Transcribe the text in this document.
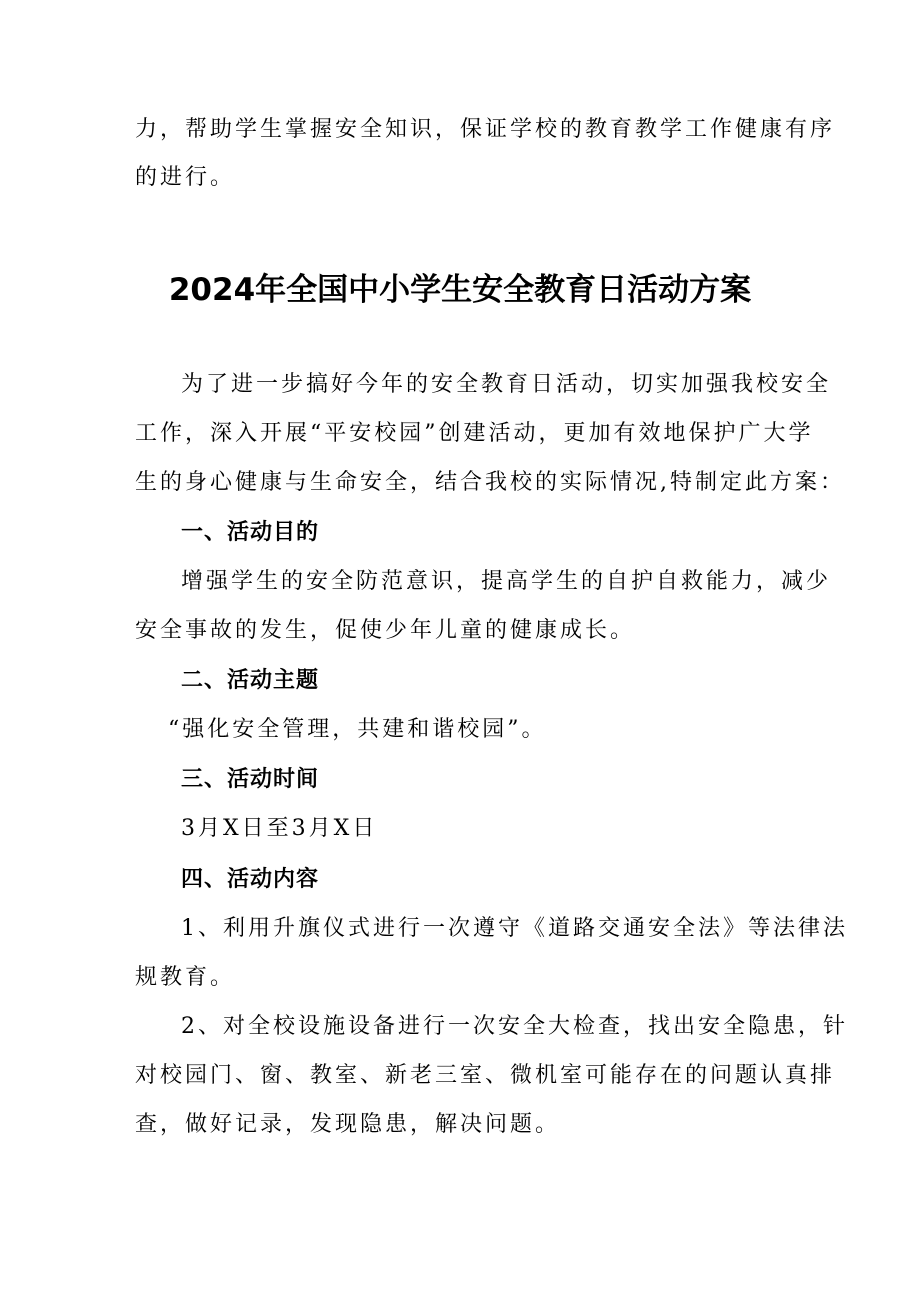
力，帮助学生掌握安全知识，保证学校的教育教学工作健康有序

的进行。

2024年全国中小学生安全教育日活动方案

为了进一步搞好今年的安全教育日活动，切实加强我校安全

工作，深入开展“平安校园”创建活动，更加有效地保护广大学

生的身心健康与生命安全，结合我校的实际情况,特制定此方案：

一、活动目的

增强学生的安全防范意识，提高学生的自护自救能力，减少

安全事故的发生，促使少年儿童的健康成长。

二、活动主题

“强化安全管理，共建和谐校园”。

三、活动时间

3月X日至3月X日

四、活动内容

1、利用升旗仪式进行一次遵守《道路交通安全法》等法律法

规教育。

2、对全校设施设备进行一次安全大检查，找出安全隐患，针

对校园门、窗、教室、新老三室、微机室可能存在的问题认真排

查，做好记录，发现隐患，解决问题。
